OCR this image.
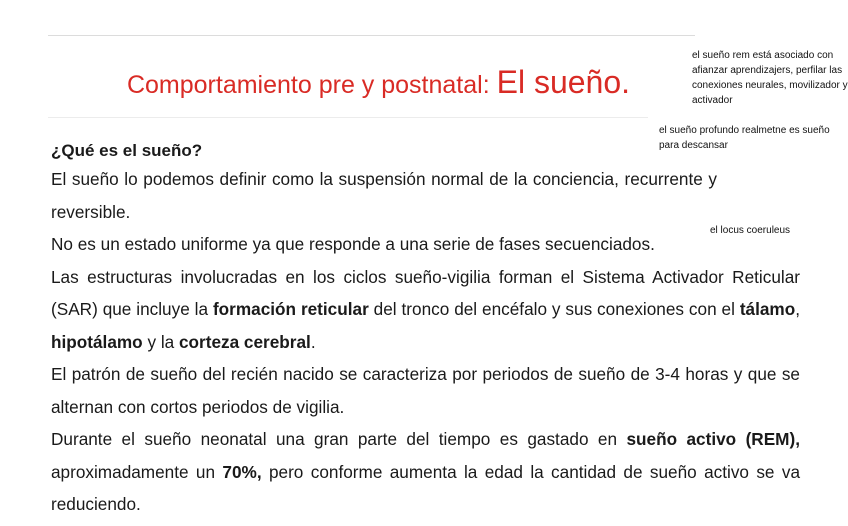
Comportamiento pre y postnatal: El sueño.
el sueño rem está asociado con afianzar aprendizajers, perfilar las conexiones neurales, movilizador y activador
el sueño profundo realmetne es sueño para descansar
el locus coeruleus
¿Qué es el sueño?

El sueño lo podemos definir como la suspensión normal de la conciencia, recurrente y reversible.

No es un estado uniforme ya que responde a una serie de fases secuenciados.

Las estructuras involucradas en los ciclos sueño-vigilia forman el Sistema Activador Reticular (SAR) que incluye la formación reticular del tronco del encéfalo y sus conexiones con el tálamo, hipotálamo y la corteza cerebral.

El patrón de sueño del recién nacido se caracteriza por periodos de sueño de 3-4 horas y que se alternan con cortos periodos de vigilia.

Durante el sueño neonatal una gran parte del tiempo es gastado en sueño activo (REM), aproximadamente un 70%, pero conforme aumenta la edad la cantidad de sueño activo se va reduciendo.
